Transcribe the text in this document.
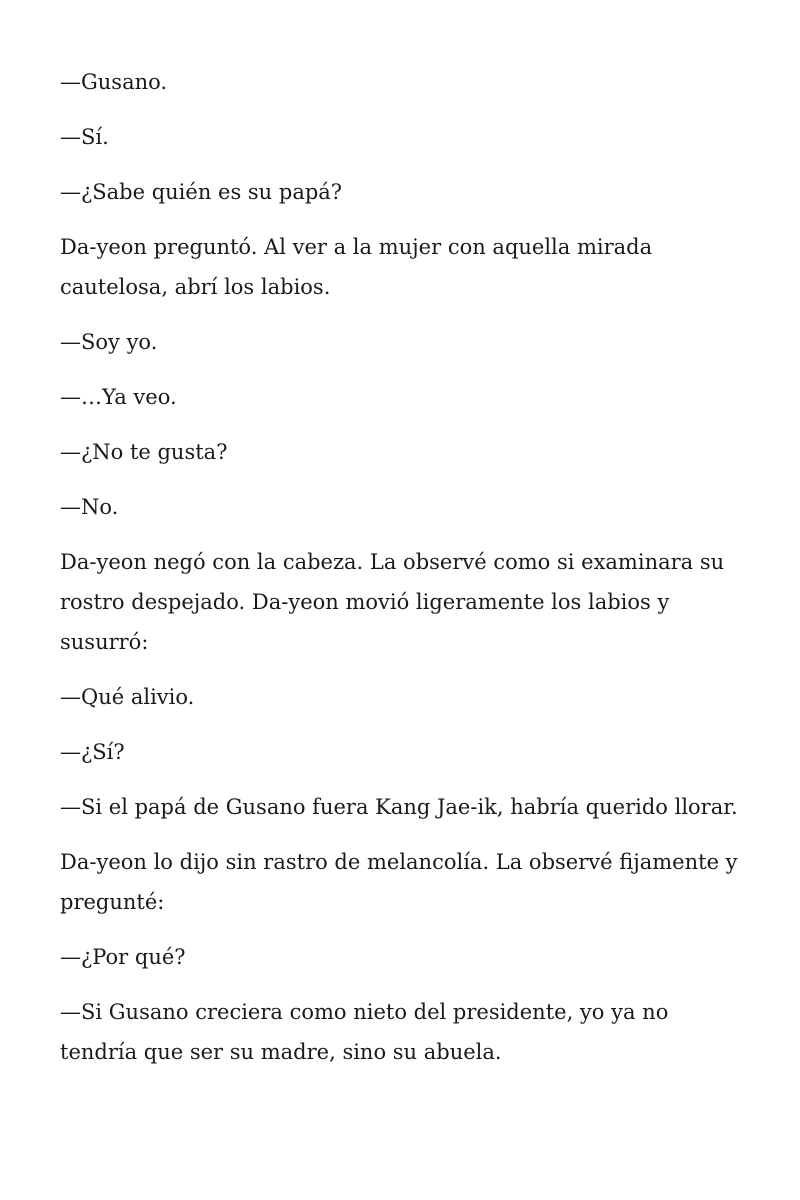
—Gusano.

—Sí.

—¿Sabe quién es su papá?

Da-yeon preguntó. Al ver a la mujer con aquella mirada cautelosa, abrí los labios.

—Soy yo.

—…Ya veo.

—¿No te gusta?

—No.

Da-yeon negó con la cabeza. La observé como si examinara su rostro despejado. Da-yeon movió ligeramente los labios y susurró:

—Qué alivio.

—¿Sí?

—Si el papá de Gusano fuera Kang Jae-ik, habría querido llorar.

Da-yeon lo dijo sin rastro de melancolía. La observé fijamente y pregunté:

—¿Por qué?

—Si Gusano creciera como nieto del presidente, yo ya no tendría que ser su madre, sino su abuela.
